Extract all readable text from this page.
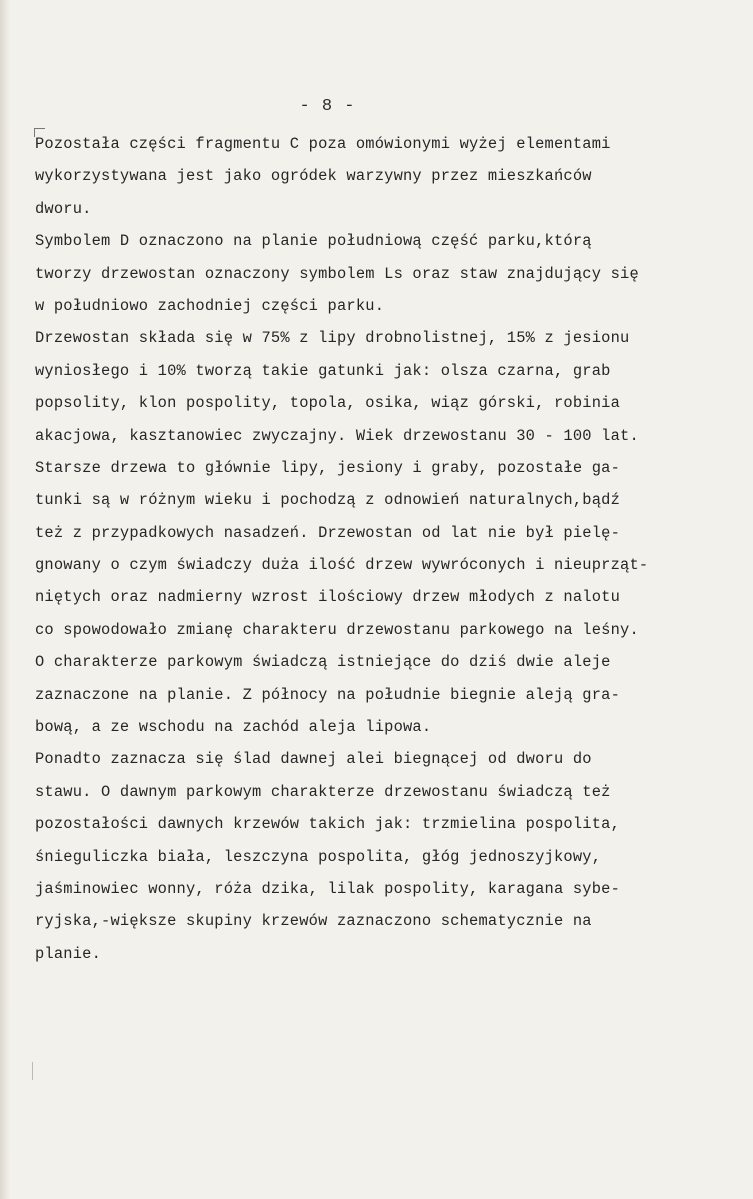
- 8 -
Pozostała części fragmentu C poza omówionymi wyżej elementami
wykorzystywana jest jako ogródek warzywny przez mieszkańców
dworu.
Symbolem D oznaczono na planie południową część parku,którą
tworzy drzewostan oznaczony symbolem Ls oraz staw znajdujący się
w południowo zachodniej części parku.
Drzewostan składa się w 75% z lipy drobnolistnej, 15% z jesionu
wyniosłego i 10% tworzą takie gatunki jak: olsza czarna, grab
popsolity, klon pospolity, topola, osika, wiąz górski, robinia
akacjowa, kasztanowiec zwyczajny. Wiek drzewostanu 30 - 100 lat.
Starsze drzewa to głównie lipy, jesiony i graby, pozostałe ga-
tunki są w różnym wieku i pochodzą z odnowień naturalnych,bądź
też z przypadkowych nasadzeń. Drzewostan od lat nie był pielę-
gnowany o czym świadczy duża ilość drzew wywróconych i nieuprząt-
niętych oraz nadmierny wzrost ilościowy drzew młodych z nalotu
co spowodowało zmianę charakteru drzewostanu parkowego na leśny.
O charakterze parkowym świadczą istniejące do dziś dwie aleje
zaznaczone na planie. Z północy na południe biegnie aleją gra-
bową, a ze wschodu na zachód aleja lipowa.
Ponadto zaznacza się ślad dawnej alei biegnącej od dworu do
stawu. O dawnym parkowym charakterze drzewostanu świadczą też
pozostałości dawnych krzewów takich jak: trzmielina pospolita,
śnieguliczka biała, leszczyna pospolita, głóg jednoszyjkowy,
jaśminowiec wonny, róża dzika, lilak pospolity, karagana sybe-
ryjska,-większe skupiny krzewów zaznaczono schematycznie na
planie.
